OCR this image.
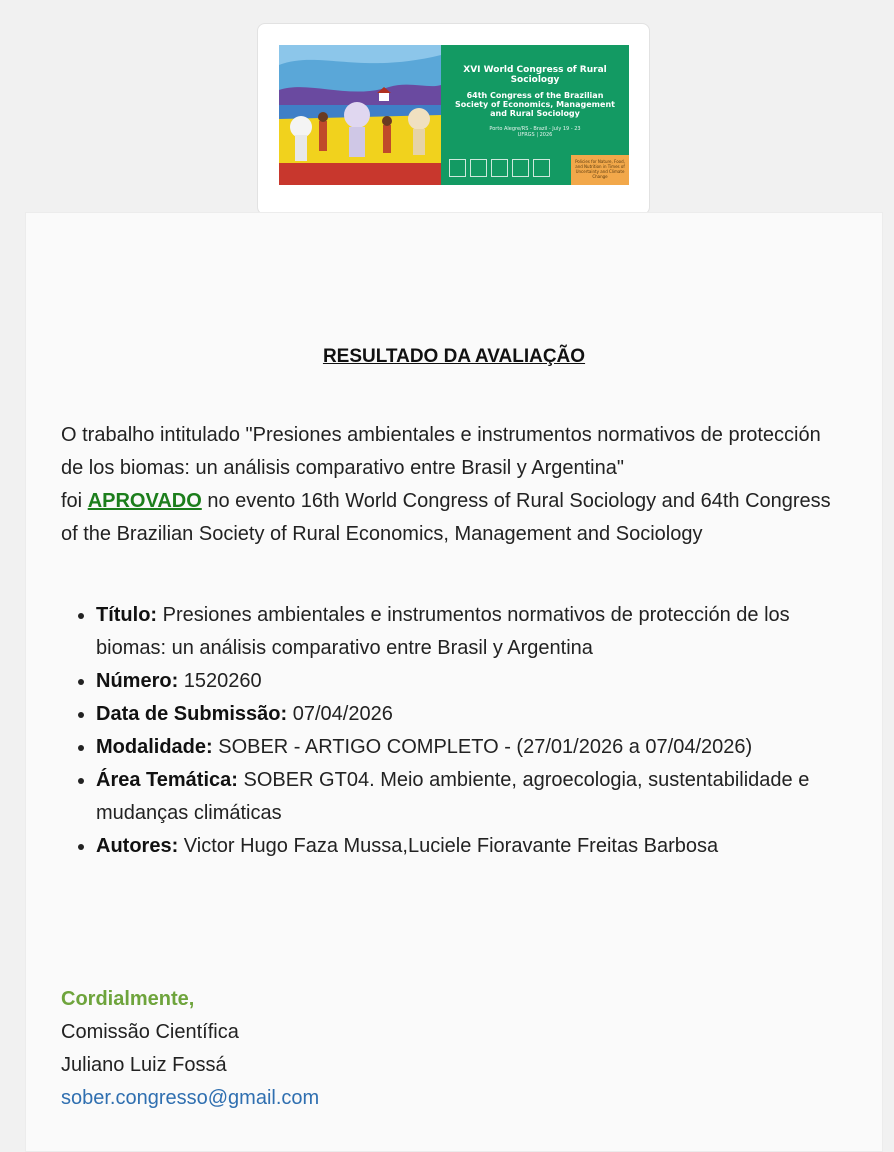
XVI World Congress of Rural Sociology
64th Congress of the Brazilian Society of Economics, Management and Rural Sociology
Porto Alegre/RS - Brazil - July 19 - 23
UFRGS | 2026
Policies for Nature, Food, and Nutrition in Times of Uncertainty and Climate Change
RESULTADO DA AVALIAÇÃO
O trabalho intitulado "Presiones ambientales e instrumentos normativos de protección de los biomas: un análisis comparativo entre Brasil y Argentina"
foi APROVADO no evento 16th World Congress of Rural Sociology and 64th Congress of the Brazilian Society of Rural Economics, Management and Sociology
• Título: Presiones ambientales e instrumentos normativos de protección de los biomas: un análisis comparativo entre Brasil y Argentina
• Número: 1520260
• Data de Submissão: 07/04/2026
• Modalidade: SOBER - ARTIGO COMPLETO - (27/01/2026 a 07/04/2026)
• Área Temática: SOBER GT04. Meio ambiente, agroecologia, sustentabilidade e mudanças climáticas
• Autores: Victor Hugo Faza Mussa,Luciele Fioravante Freitas Barbosa
Cordialmente,
Comissão Científica
Juliano Luiz Fossá
sober.congresso@gmail.com
